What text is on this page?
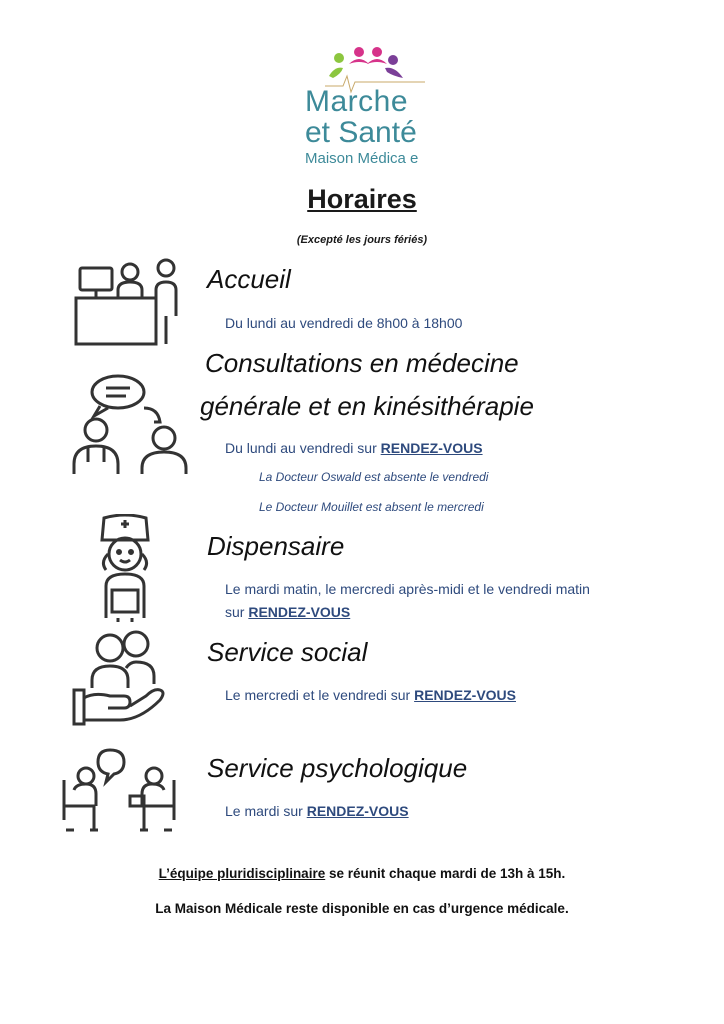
Marche
et Santé
Maison Médica e
Horaires
(Excepté les jours fériés)
Accueil
Du lundi au vendredi de 8h00 à 18h00
Consultations en médecine
générale et en kinésithérapie
Du lundi au vendredi sur RENDEZ-VOUS
La Docteur Oswald est absente le vendredi
Le Docteur Mouillet est absent le mercredi
Dispensaire
Le mardi matin, le mercredi après-midi et le vendredi matin
sur RENDEZ-VOUS
Service social
Le mercredi et le vendredi sur RENDEZ-VOUS
Service psychologique
Le mardi sur RENDEZ-VOUS
L’équipe pluridisciplinaire se réunit chaque mardi de 13h à 15h.
La Maison Médicale reste disponible en cas d’urgence médicale.
